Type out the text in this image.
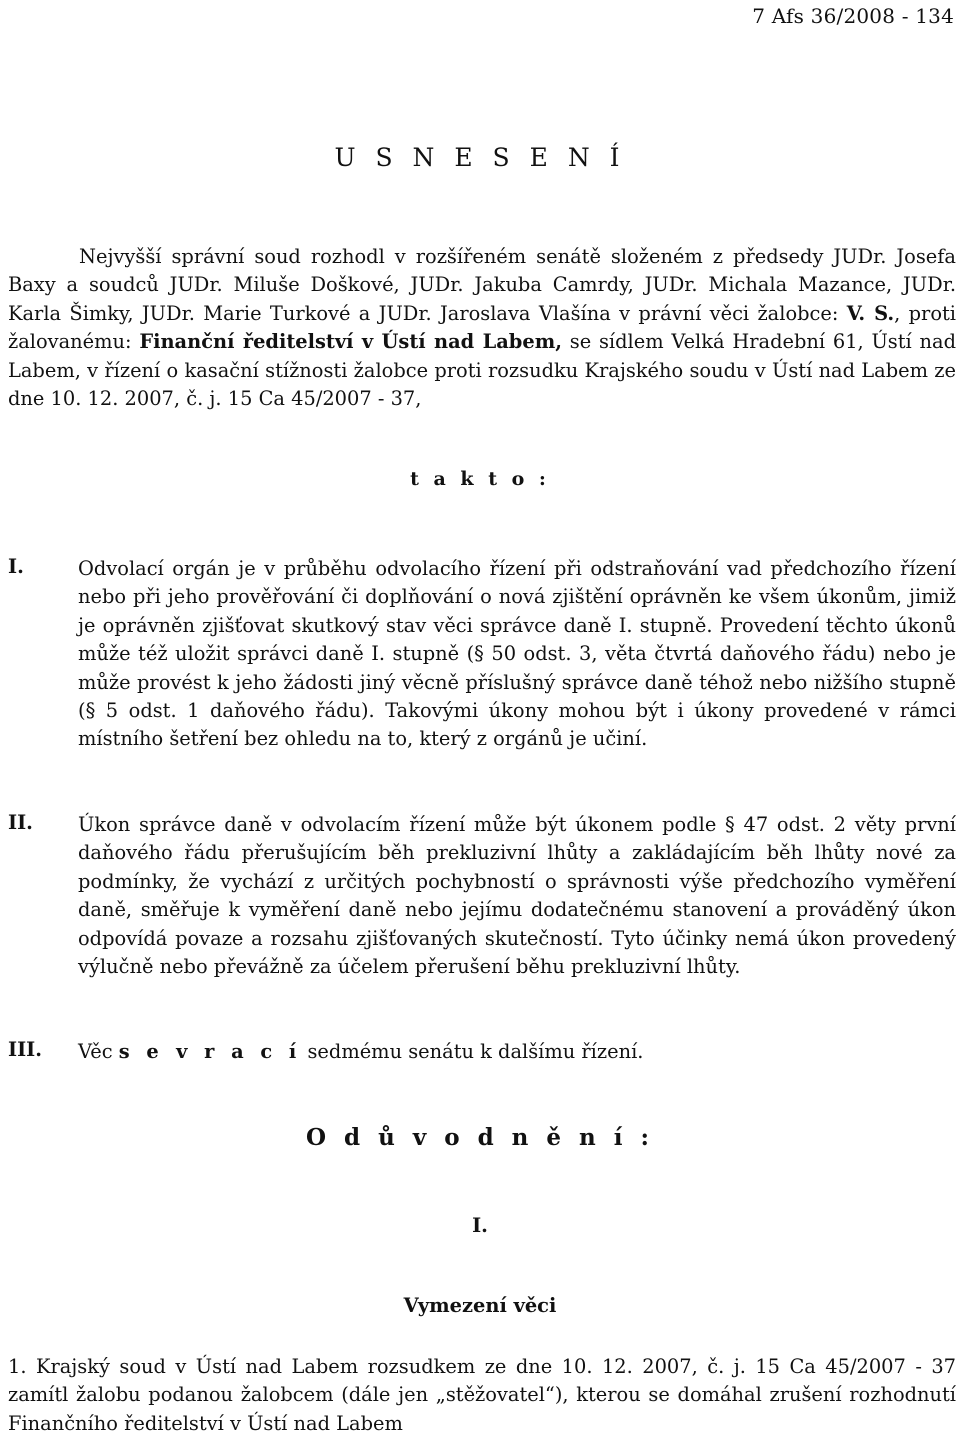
7 Afs 36/2008 - 134
U S N E S E N Í
Nejvyšší správní soud rozhodl v rozšířeném senátě složeném z předsedy JUDr. Josefa Baxy a soudců JUDr. Miluše Doškové, JUDr. Jakuba Camrdy, JUDr. Michala Mazance, JUDr. Karla Šimky, JUDr. Marie Turkové a JUDr. Jaroslava Vlašína v právní věci žalobce: V. S., proti žalovanému: Finanční ředitelství v Ústí nad Labem, se sídlem Velká Hradební 61, Ústí nad Labem, v řízení o kasační stížnosti žalobce proti rozsudku Krajského soudu v Ústí nad Labem ze dne 10. 12. 2007, č. j. 15 Ca 45/2007 - 37,
t a k t o :
I.	Odvolací orgán je v průběhu odvolacího řízení při odstraňování vad předchozího řízení nebo při jeho prověřování či doplňování o nová zjištění oprávněn ke všem úkonům, jimiž je oprávněn zjišťovat skutkový stav věci správce daně I. stupně. Provedení těchto úkonů může též uložit správci daně I. stupně (§ 50 odst. 3, věta čtvrtá daňového řádu) nebo je může provést k jeho žádosti jiný věcně příslušný správce daně téhož nebo nižšího stupně (§ 5 odst. 1 daňového řádu). Takovými úkony mohou být i úkony provedené v rámci místního šetření bez ohledu na to, který z orgánů je učiní.
II. Úkon správce daně v odvolacím řízení může být úkonem podle § 47 odst. 2 věty první daňového řádu přerušujícím běh prekluzivní lhůty a zakládajícím běh lhůty nové za podmínky, že vychází z určitých pochybností o správnosti výše předchozího vyměření daně, směřuje k vyměření daně nebo jejímu dodatečnému stanovení a prováděný úkon odpovídá povaze a rozsahu zjišťovaných skutečností. Tyto účinky nemá úkon provedený výlučně nebo převážně za účelem přerušení běhu prekluzivní lhůty.
III. Věc s e v r a c í sedmému senátu k dalšímu řízení.
O d ů v o d n ě n í :
I.
Vymezení věci
1. Krajský soud v Ústí nad Labem rozsudkem ze dne 10. 12. 2007, č. j. 15 Ca 45/2007 - 37 zamítl žalobu podanou žalobcem (dále jen „stěžovatel“), kterou se domáhal zrušení rozhodnutí Finančního ředitelství v Ústí nad Labem
